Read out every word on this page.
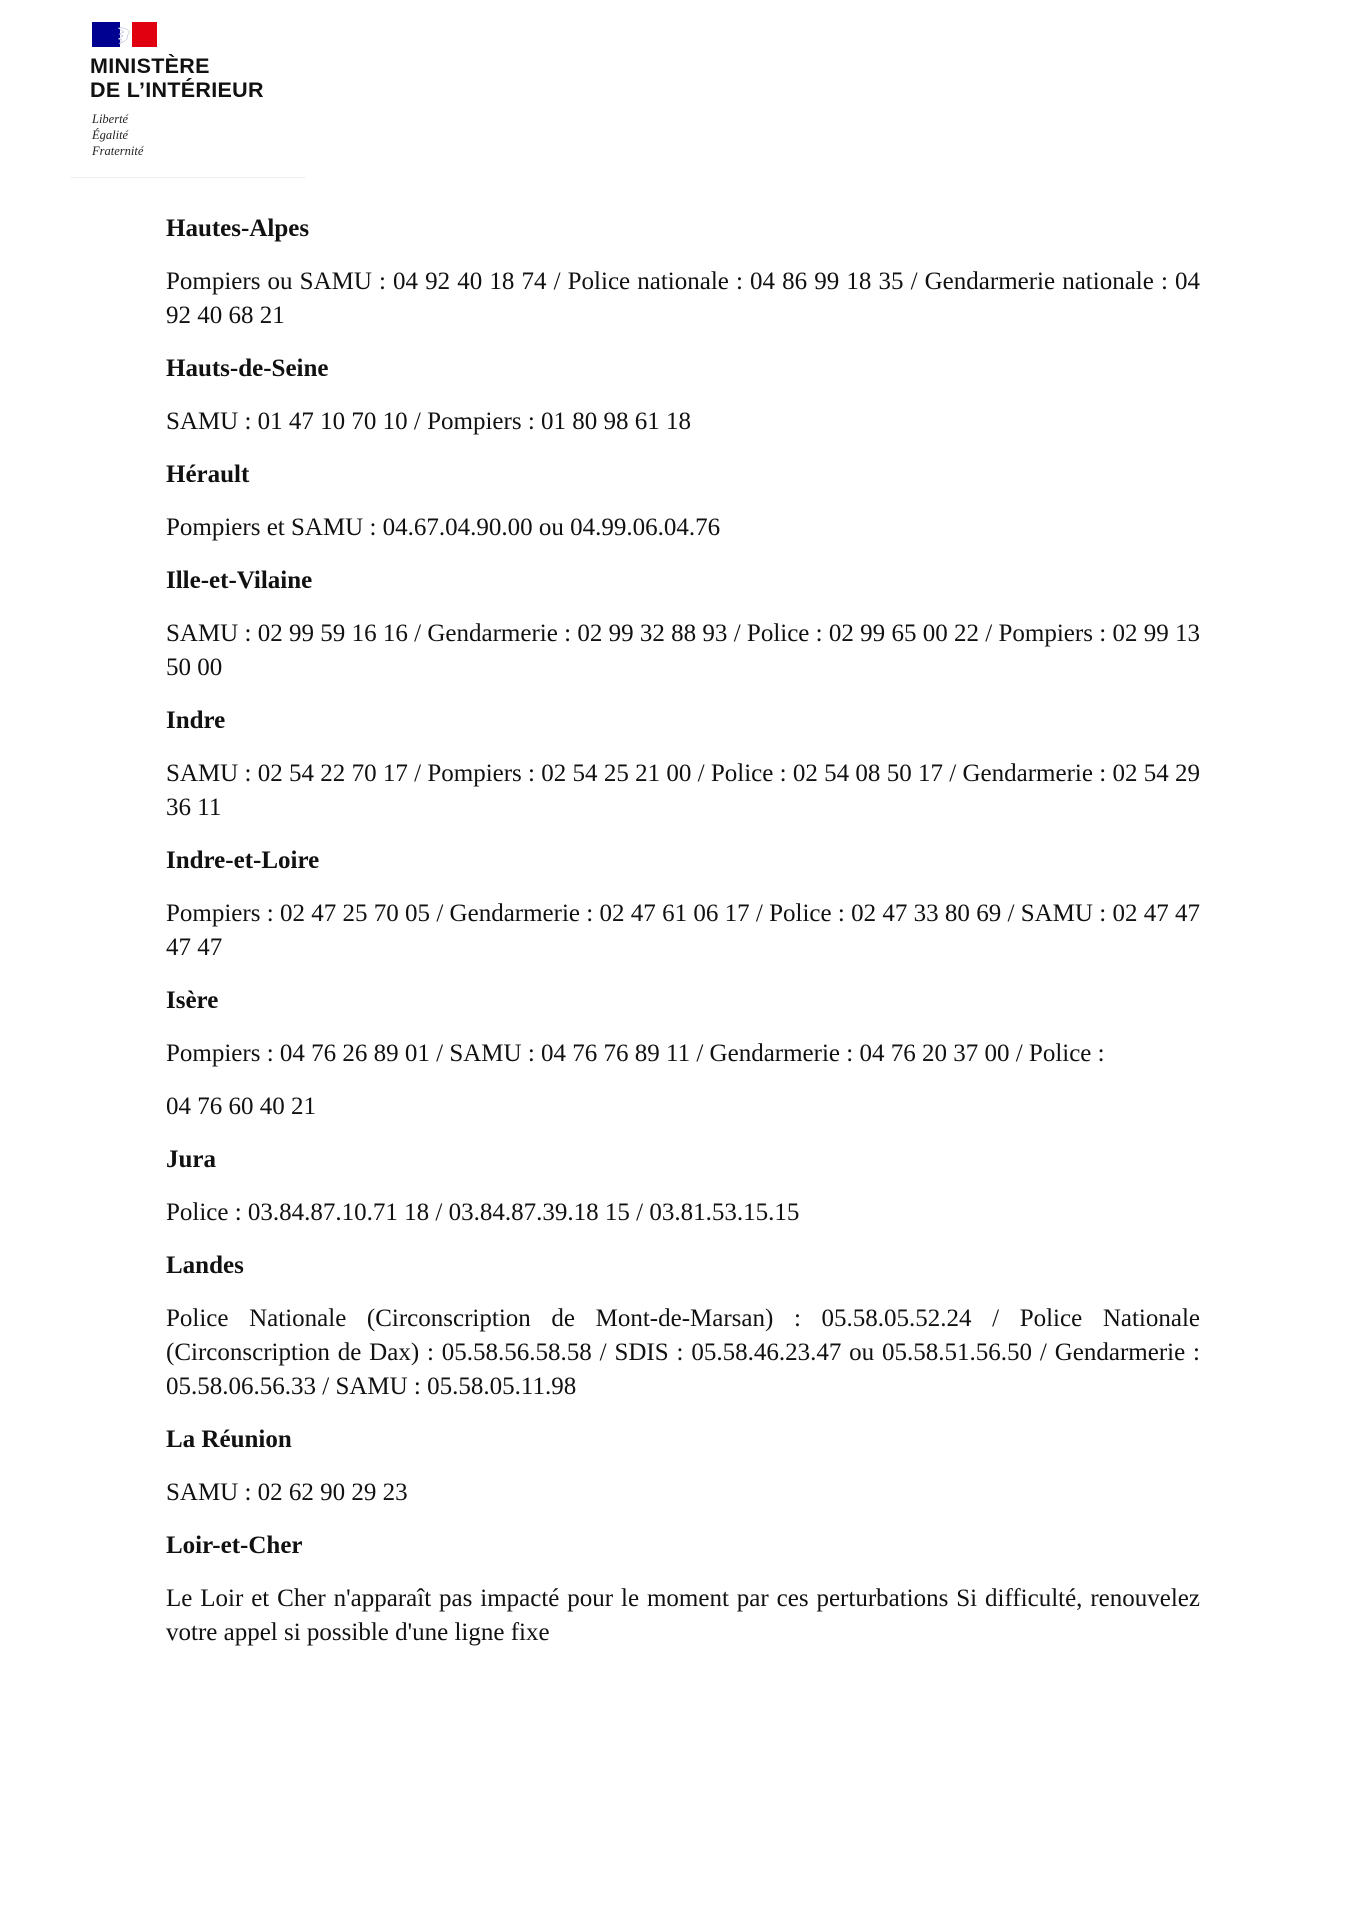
MINISTÈRE
DE L’INTÉRIEUR
Liberté
Égalité
Fraternité
Hautes-Alpes
Pompiers ou SAMU : 04 92 40 18 74 / Police nationale : 04 86 99 18 35 / Gendarmerie nationale : 04 92 40 68 21
Hauts-de-Seine
SAMU : 01 47 10 70 10 / Pompiers : 01 80 98 61 18
Hérault
Pompiers et SAMU : 04.67.04.90.00 ou 04.99.06.04.76
Ille-et-Vilaine
SAMU : 02 99 59 16 16 / Gendarmerie : 02 99 32 88 93 / Police : 02 99 65 00 22 / Pompiers : 02 99 13 50 00
Indre
SAMU : 02 54 22 70 17 / Pompiers : 02 54 25 21 00 / Police : 02 54 08 50 17 / Gendarmerie : 02 54 29 36 11
Indre-et-Loire
Pompiers : 02 47 25 70 05 / Gendarmerie : 02 47 61 06 17 / Police : 02 47 33 80 69 / SAMU : 02 47 47 47 47
Isère
Pompiers : 04 76 26 89 01 / SAMU : 04 76 76 89 11 / Gendarmerie : 04 76 20 37 00 / Police :
04 76 60 40 21
Jura
Police : 03.84.87.10.71 18 / 03.84.87.39.18 15 / 03.81.53.15.15
Landes
Police Nationale (Circonscription de Mont-de-Marsan) : 05.58.05.52.24 / Police Nationale (Circonscription de Dax) : 05.58.56.58.58 / SDIS : 05.58.46.23.47 ou 05.58.51.56.50 / Gendarmerie : 05.58.06.56.33 / SAMU : 05.58.05.11.98
La Réunion
SAMU : 02 62 90 29 23
Loir-et-Cher
Le Loir et Cher n'apparaît pas impacté pour le moment par ces perturbations Si difficulté, renouvelez votre appel si possible d'une ligne fixe
